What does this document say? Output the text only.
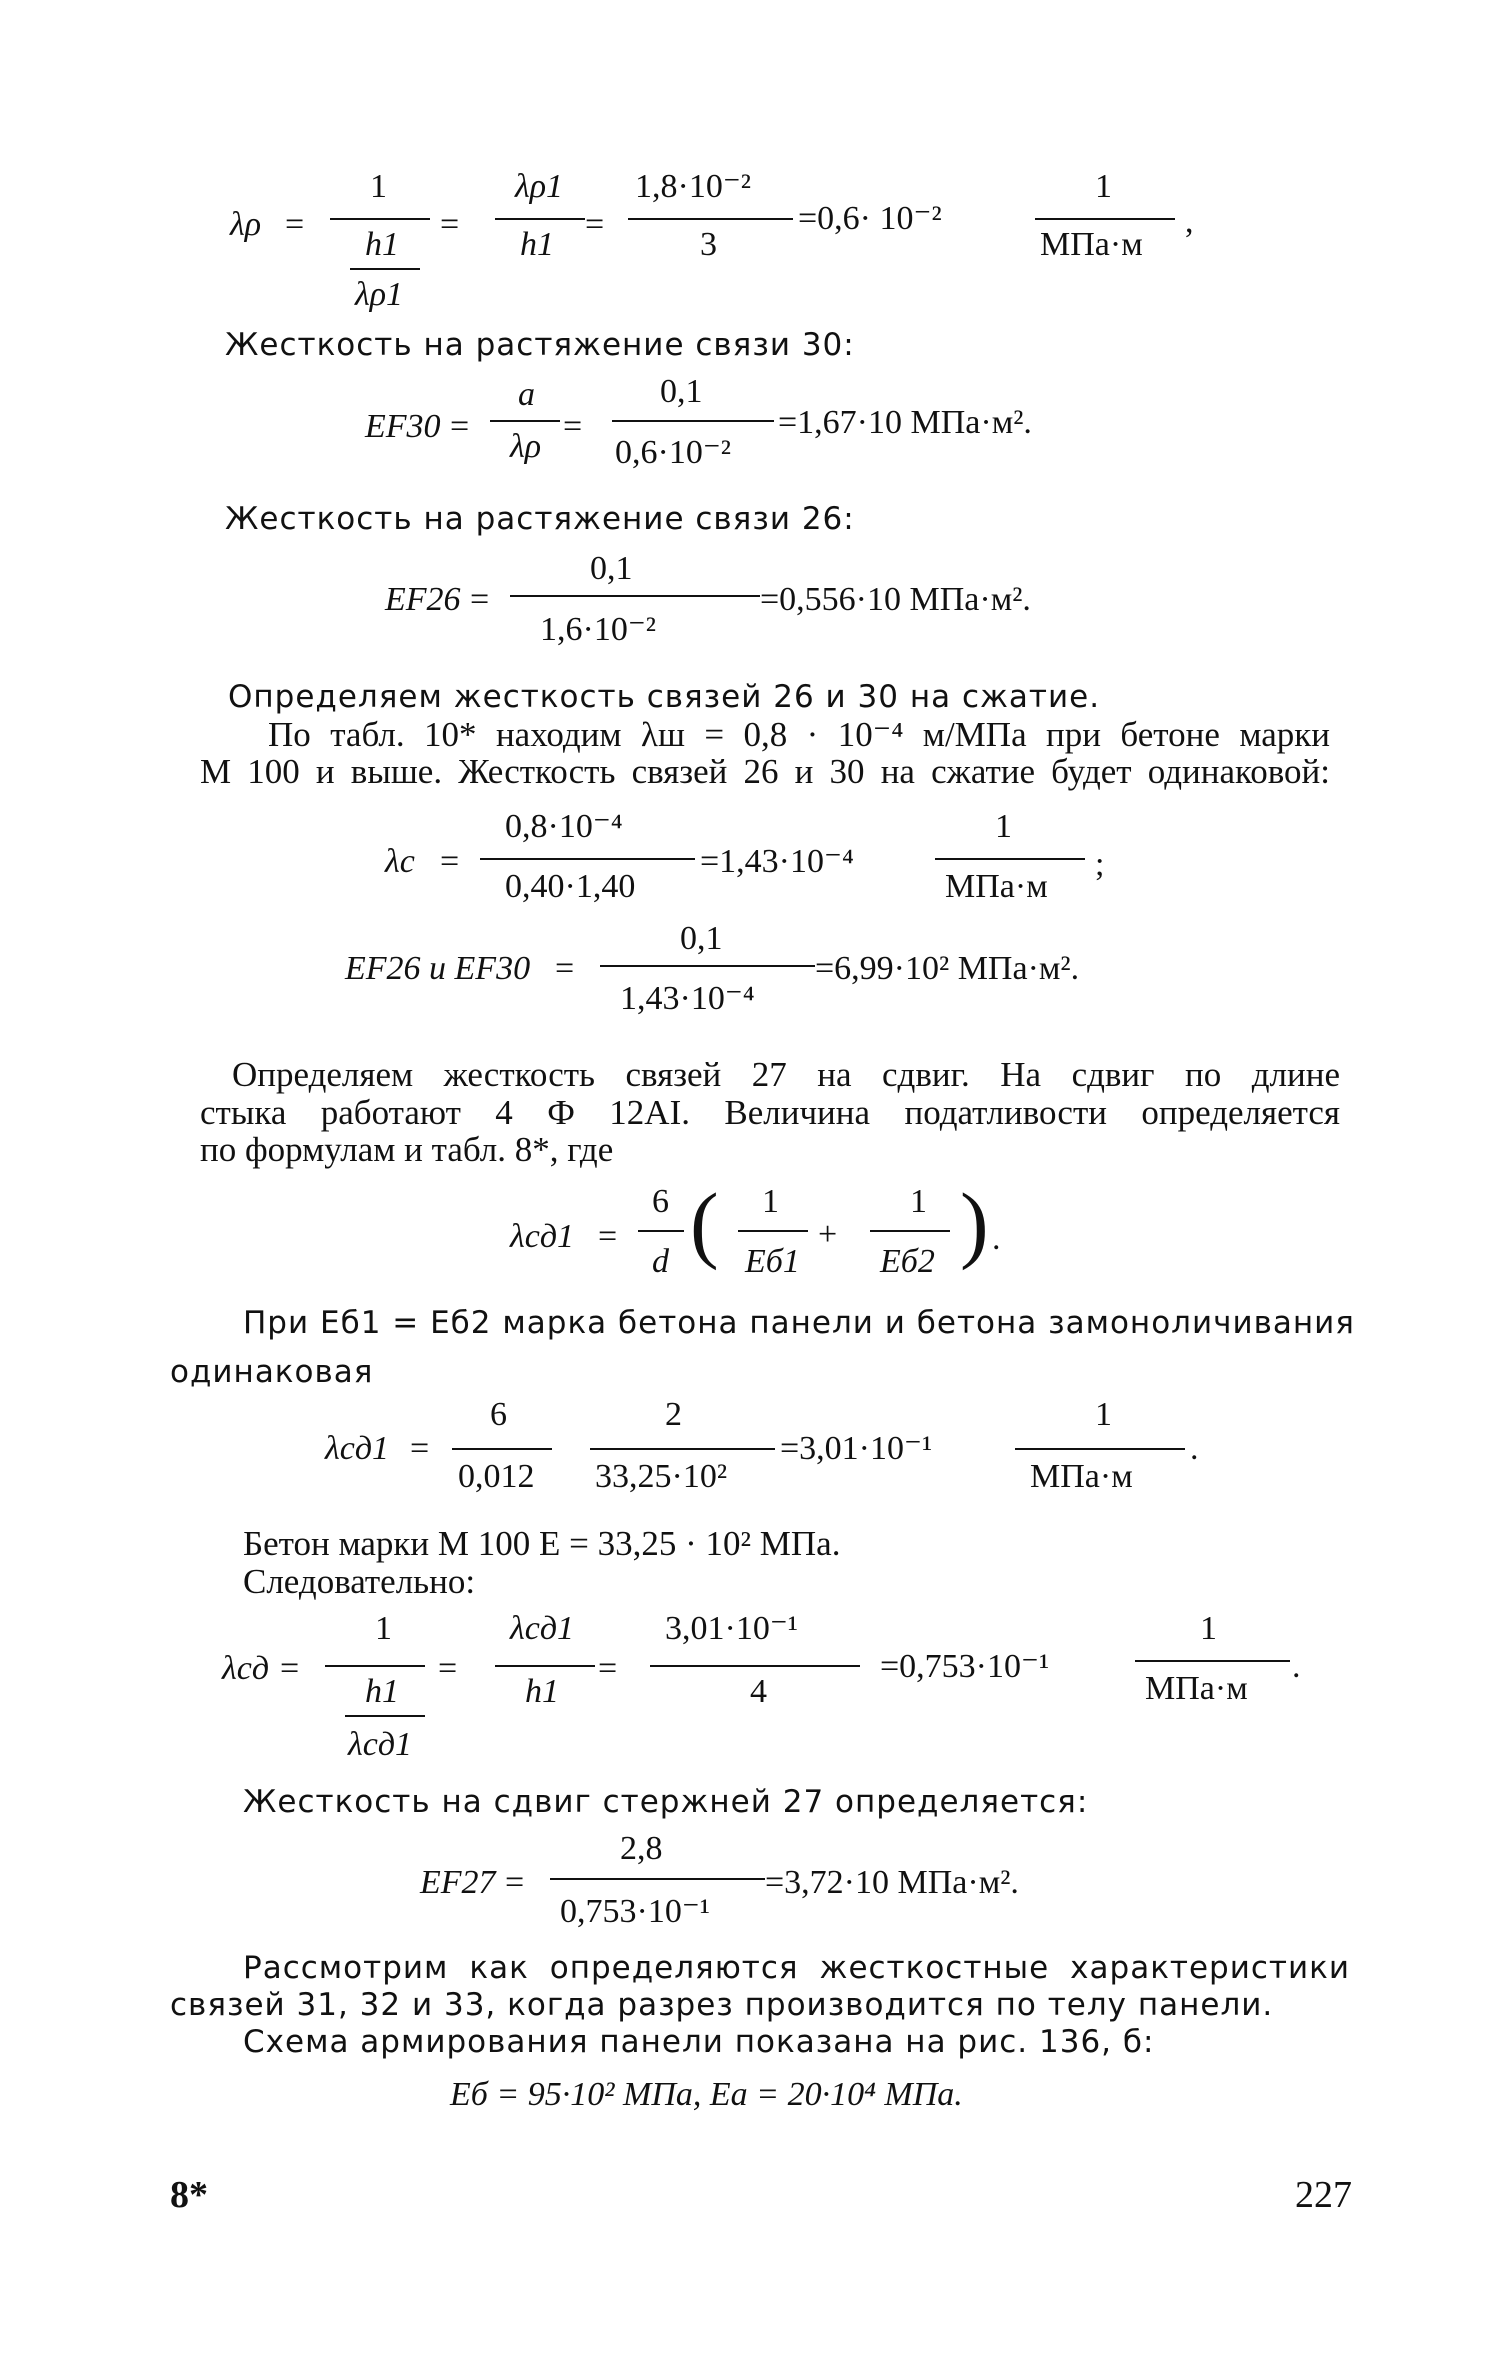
λρ =
1
h1
λρ1
=
λρ1
h1
=
1,8·10⁻²
3
=0,6· 10⁻²
1
МПа·м
,
Жесткость на растяжение связи 30:
EF30 =
a
λρ
=
0,1
0,6·10⁻²
=1,67·10 МПа·м².
Жесткость на растяжение связи 26:
EF26 =
0,1
1,6·10⁻²
=0,556·10 МПа·м².
Определяем жесткость связей 26 и 30 на сжатие.
По табл. 10* находим λш = 0,8 · 10⁻⁴ м/МПа при бетоне марки
М 100 и выше. Жесткость связей 26 и 30 на сжатие будет одинаковой:
λc =
0,8·10⁻⁴
0,40·1,40
=1,43·10⁻⁴
1
МПа·м
;
EF26 и EF30 =
0,1
1,43·10⁻⁴
=6,99·10² МПа·м².
Определяем жесткость связей 27 на сдвиг. На сдвиг по длине
стыка работают 4 Ф 12AI. Величина податливости определяется
по формулам и табл. 8*, где
λсд1 =
6
d ( 1
Eб1
+
1
Eб2 ) .
При Eб1 = Eб2 марка бетона панели и бетона замоноличивания
одинаковая
λсд1 =
6
0,012
2
33,25·10²
=3,01·10⁻¹
1
МПа·м
.
Бетон марки М 100 E = 33,25 · 10² МПа.
Следовательно:
λсд =
1
h1
λсд1
=
λсд1
h1
=
3,01·10⁻¹
4
=0,753·10⁻¹
1
МПа·м
.
Жесткость на сдвиг стержней 27 определяется:
EF27 =
2,8
0,753·10⁻¹
=3,72·10 МПа·м².
Рассмотрим как определяются жесткостные характеристики
связей 31, 32 и 33, когда разрез производится по телу панели.
Схема армирования панели показана на рис. 136, б:
Eб = 95·10² МПа, Eа = 20·10⁴ МПа.
8*	227
